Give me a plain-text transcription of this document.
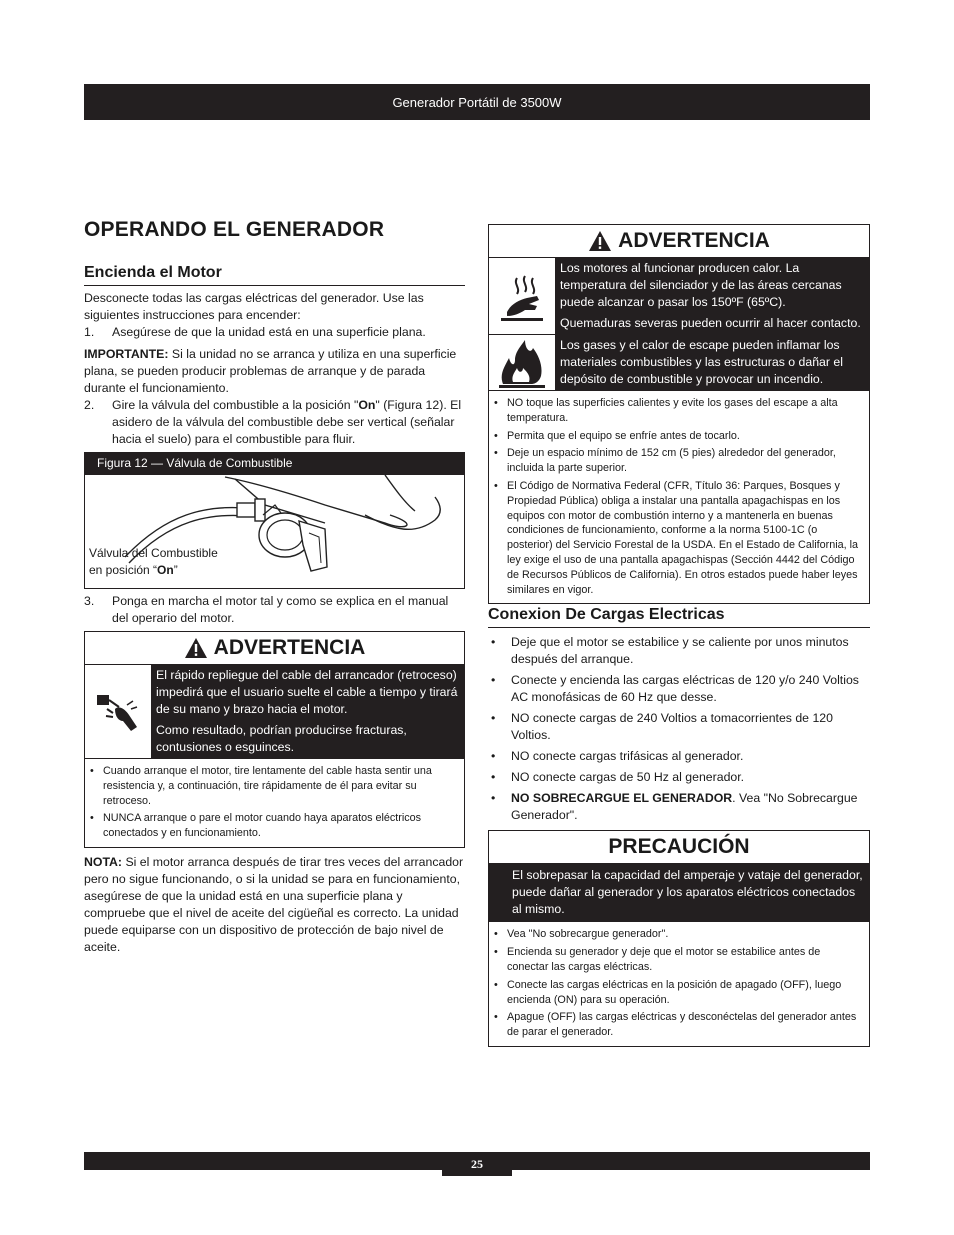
Generador Portátil de 3500W
OPERANDO EL GENERADOR
Encienda el Motor

Desconecte todas las cargas eléctricas del generador. Use las siguientes instrucciones para encender:

1.	Asegúrese de que la unidad está en una superficie plana.

IMPORTANTE: Si la unidad no se arranca y utiliza en una superficie plana, se pueden producir problemas de arranque y de parada durante el funcionamiento.

2.	Gire la válvula del combustible a la posición "On" (Figura 12). El asidero de la válvula del combustible debe ser vertical (señalar hacia el suelo) para el combustible para fluir.
Figura 12 — Válvula de Combustible
Válvula del Combustible
en posición “On”
3.	Ponga en marcha el motor tal y como se explica en el manual del operario del motor.
ADVERTENCIA
El rápido repliegue del cable del arrancador (retroceso) impedirá que el usuario suelte el cable a tiempo y tirará de su mano y brazo hacia el motor.
Como resultado, podrían producirse fracturas, contusiones o esguinces.
• Cuando arranque el motor, tire lentamente del cable hasta sentir una resistencia y, a continuación, tire rápidamente de él para evitar su retroceso.
• NUNCA arranque o pare el motor cuando haya aparatos eléctricos conectados y en funcionamiento.

NOTA: Si el motor arranca después de tirar tres veces del arrancador pero no sigue funcionando, o si la unidad se para en funcionamiento, asegúrese de que la unidad está en una superficie plana y compruebe que el nivel de aceite del cigüeñal es correcto. La unidad puede equiparse con un dispositivo de protección de bajo nivel de aceite.

ADVERTENCIA
Los motores al funcionar producen calor. La temperatura del silenciador y de las áreas cercanas puede alcanzar o pasar los 150ºF (65ºC).
Quemaduras severas pueden ocurrir al hacer contacto.
Los gases y el calor de escape pueden inflamar los materiales combustibles y las estructuras o dañar el depósito de combustible y provocar un incendio.
• NO toque las superficies calientes y evite los gases del escape a alta temperatura.
• Permita que el equipo se enfríe antes de tocarlo.
• Deje un espacio mínimo de 152 cm (5 pies) alrededor del generador, incluida la parte superior.
• El Código de Normativa Federal (CFR, Título 36: Parques, Bosques y Propiedad Pública) obliga a instalar una pantalla apagachispas en los equipos con motor de combustión interno y a mantenerla en buenas condiciones de funcionamiento, conforme a la norma 5100-1C (o posterior) del Servicio Forestal de la USDA. En el Estado de California, la ley exige el uso de una pantalla apagachispas (Sección 4442 del Código de Recursos Públicos de California). En otros estados puede haber leyes similares en vigor.
Conexion De Cargas Electricas
• Deje que el motor se estabilice y se caliente por unos minutos después del arranque.
• Conecte y encienda las cargas eléctricas de 120 y/o 240 Voltios AC monofásicas de 60 Hz que desse.
• NO conecte cargas de 240 Voltios a tomacorrientes de 120 Voltios.
• NO conecte cargas trifásicas al generador.
• NO conecte cargas de 50 Hz al generador.
• NO SOBRECARGUE EL GENERADOR. Vea "No Sobrecargue Generador".
PRECAUCIÓN
El sobrepasar la capacidad del amperaje y vataje del generador, puede dañar al generador y los aparatos eléctricos conectados al mismo.
• Vea "No sobrecargue generador".
• Encienda su generador y deje que el motor se estabilice antes de conectar las cargas eléctricas.
• Conecte las cargas eléctricas en la posición de apagado (OFF), luego encienda (ON) para su operación.
• Apague (OFF) las cargas eléctricas y desconéctelas del generador antes de parar el generador.
25
